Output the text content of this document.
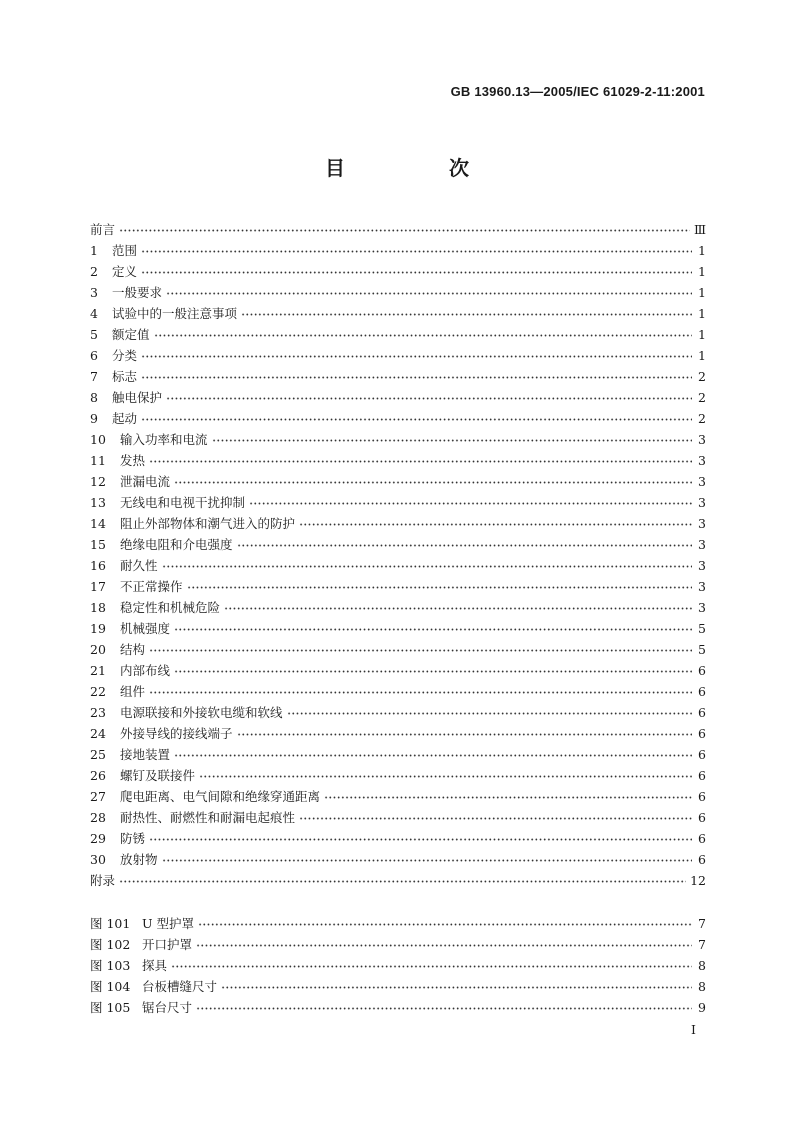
GB 13960.13—2005/IEC 61029-2-11:2001
目　次
前言	Ⅲ
1	范围	1
2	定义	1
3	一般要求	1
4	试验中的一般注意事项	1
5	额定值	1
6	分类	1
7	标志	2
8	触电保护	2
9	起动	2
10	输入功率和电流	3
11	发热	3
12	泄漏电流	3
13	无线电和电视干扰抑制	3
14	阻止外部物体和潮气进入的防护	3
15	绝缘电阻和介电强度	3
16	耐久性	3
17	不正常操作	3
18	稳定性和机械危险	3
19	机械强度	5
20	结构	5
21	内部布线	6
22	组件	6
23	电源联接和外接软电缆和软线	6
24	外接导线的接线端子	6
25	接地装置	6
26	螺钉及联接件	6
27	爬电距离、电气间隙和绝缘穿通距离	6
28	耐热性、耐燃性和耐漏电起痕性	6
29	防锈	6
30	放射物	6
附录	12
图 101 U 型护罩	7
图 102 开口护罩	7
图 103 探具	8
图 104 台板槽缝尺寸	8
图 105 锯台尺寸	9
I
